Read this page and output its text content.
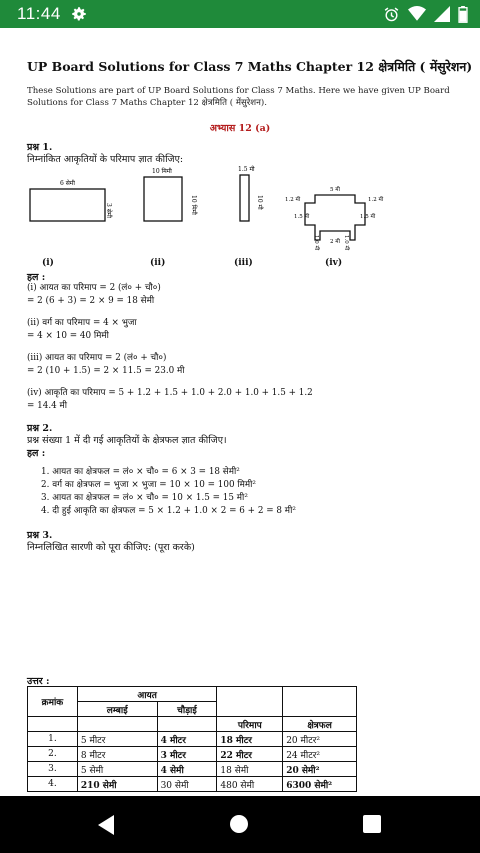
11:44
UP Board Solutions for Class 7 Maths Chapter 12 क्षेत्रमिति ( मेंसुरेशन)
These Solutions are part of UP Board Solutions for Class 7 Maths. Here we have given UP Board Solutions for Class 7 Maths Chapter 12 क्षेत्रमिति ( मेंसुरेशन).
अभ्यास 12 (a)
प्रश्न 1.
निम्नांकित आकृतियों के परिमाप ज्ञात कीजिए:
6 सेमी
3 सेमी
10 मिमी
10 मिमी
1.5 मी
10 मी
5 मी
1.2 मी	1.2 मी
1.5 मी	1.5 मी
2 मी
1.0 मी	1.0 मी
(i)	(ii)	(iii)	(iv)
हल :
(i) आयत का परिमाप = 2 (लं० + चौ०)
= 2 (6 + 3) = 2 × 9 = 18 सेमी
(ii) वर्ग का परिमाप = 4 × भुजा
= 4 × 10 = 40 मिमी
(iii) आयत का परिमाप = 2 (लं० + चौ०)
= 2 (10 + 1.5) = 2 × 11.5 = 23.0 मी
(iv) आकृति का परिमाप = 5 + 1.2 + 1.5 + 1.0 + 2.0 + 1.0 + 1.5 + 1.2
= 14.4 मी
प्रश्न 2.
प्रश्न संख्या 1 में दी गई आकृतियों के क्षेत्रफल ज्ञात कीजिए।
हल :
1. आयत का क्षेत्रफल = लं० × चौ० = 6 × 3 = 18 सेमी²
2. वर्ग का क्षेत्रफल = भुजा × भुजा = 10 × 10 = 100 मिमी²
3. आयत का क्षेत्रफल = लं० × चौ० = 10 × 1.5 = 15 मी²
4. दी हुई आकृति का क्षेत्रफल = 5 × 1.2 + 1.0 × 2 = 6 + 2 = 8 मी²
प्रश्न 3.
निम्नलिखित सारणी को पूरा कीजिए: (पूरा करके)
उत्तर :
क्रमांक	आयत			
	लम्बाई	चौड़ाई		
			परिमाप	क्षेत्रफल
1.	5 मीटर	4 मीटर	18 मीटर	20 मीटर²
2.	8 मीटर	3 मीटर	22 मीटर	24 मीटर²
3.	5 सेमी	4 सेमी	18 सेमी	20 सेमी²
4.	210 सेमी	30 सेमी	480 सेमी	6300 सेमी²
